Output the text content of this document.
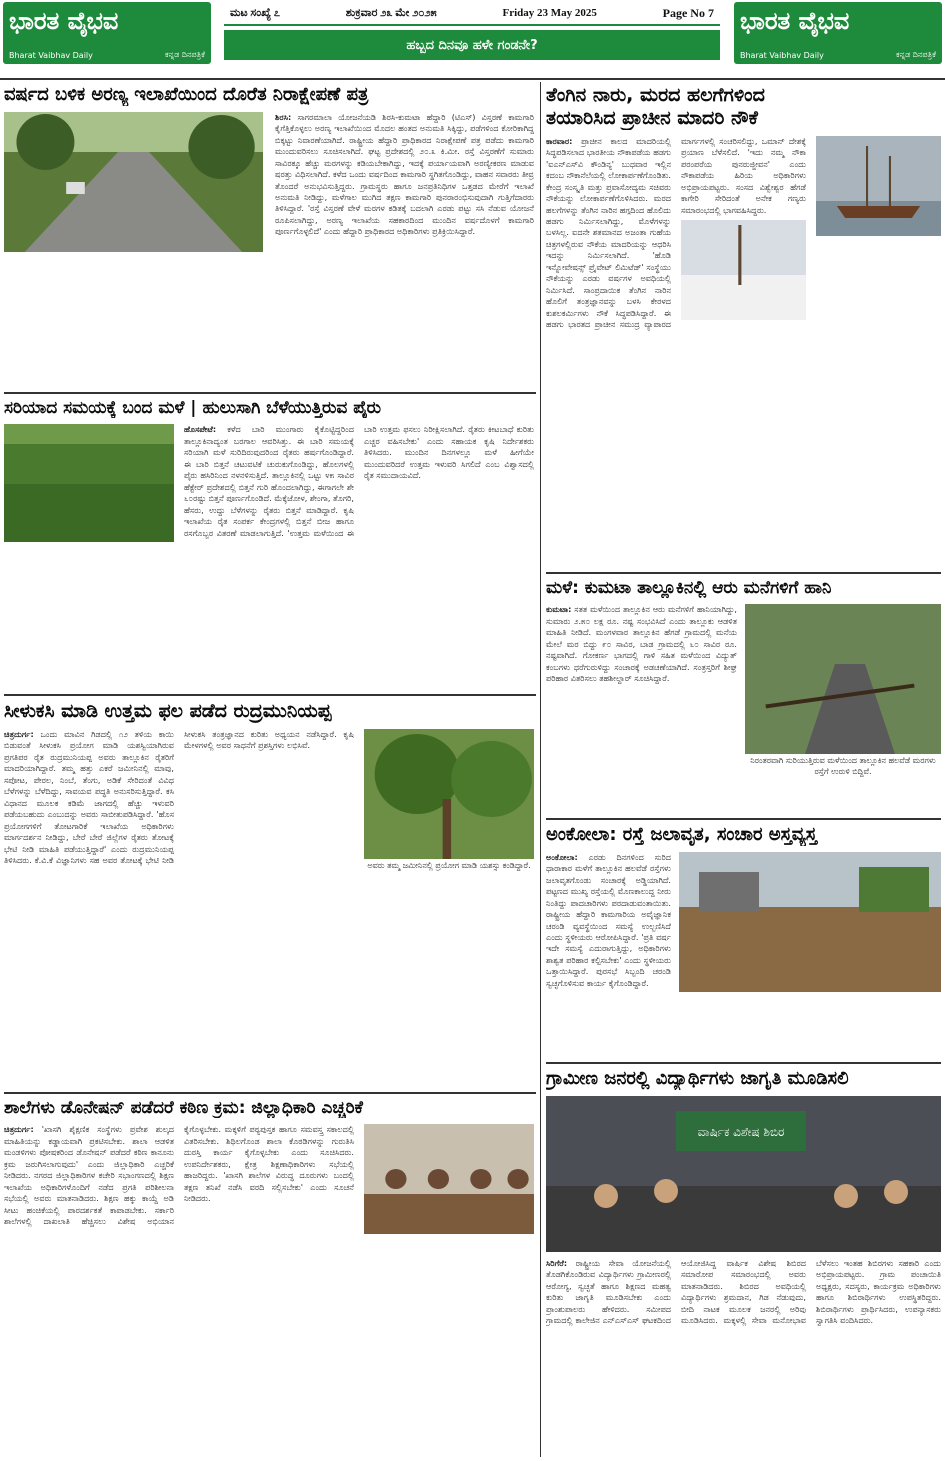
ಭಾರತ ವೈಭವ
Bharat Vaibhav Daily	ಕನ್ನಡ ದಿನಪತ್ರಿಕೆ
ಮಟ ಸಂಖ್ಯೆ ೭	ಶುಕ್ರವಾರ ೨೩ ಮೇ ೨೦೨೫	Friday 23 May 2025	Page No 7
ಹಬ್ಬದ ದಿನವೂ ಹಳೇ ಗಂಡನೇ?
ಭಾರತ ವೈಭವ
Bharat Vaibhav Daily	ಕನ್ನಡ ದಿನಪತ್ರಿಕೆ
ವರ್ಷದ ಬಳಿಕ ಅರಣ್ಯ ಇಲಾಖೆಯಿಂದ ದೊರೆತ ನಿರಾಕ್ಷೇಪಣೆ ಪತ್ರ
ಶಿರಸಿ: ಸಾಗರಮಾಲಾ ಯೋಜನೆಯಡಿ ಶಿರಸಿ-ಕುಮಟಾ ಹೆದ್ದಾರಿ (ಟಿಎಸ್) ವಿಸ್ತರಣೆ ಕಾಮಗಾರಿ ಕೈಗೆತ್ತಿಕೊಳ್ಳಲು ಅರಣ್ಯ ಇಲಾಖೆಯಿಂದ ಮೊದಲ ಹಂತದ ಅನುಮತಿ ಸಿಕ್ಕಿದ್ದು, ಪಡೆಗಳಿಂದ ಕೋರಿಕಾಗಿದ್ದ ಬಿಕ್ಕಟ್ಟು ನಿವಾರಣೆಯಾಗಿದೆ. ರಾಷ್ಟ್ರೀಯ ಹೆದ್ದಾರಿ ಪ್ರಾಧಿಕಾರದ ನಿರಾಕ್ಷೇಪಣೆ ಪತ್ರ ಪಡೆದು ಕಾಮಗಾರಿ ಮುಂದುವರಿಸಲು ಸೂಚಿಸಲಾಗಿದೆ. ಘಟ್ಟ ಪ್ರದೇಶದಲ್ಲಿ ೨೦.೩ ಕಿ.ಮೀ. ರಸ್ತೆ ವಿಸ್ತರಣೆಗೆ ಸುಮಾರು ಸಾವಿರಕ್ಕೂ ಹೆಚ್ಚು ಮರಗಳನ್ನು ಕಡಿಯಬೇಕಾಗಿದ್ದು, ಇದಕ್ಕೆ ಪರ್ಯಾಯವಾಗಿ ಅರಣ್ಯೀಕರಣ ಮಾಡುವ ಷರತ್ತು ವಿಧಿಸಲಾಗಿದೆ. ಕಳೆದ ಒಂದು ವರ್ಷದಿಂದ ಕಾಮಗಾರಿ ಸ್ಥಗಿತಗೊಂಡಿದ್ದು, ವಾಹನ ಸವಾರರು ತೀವ್ರ ತೊಂದರೆ ಅನುಭವಿಸುತ್ತಿದ್ದರು. ಗ್ರಾಮಸ್ಥರು ಹಾಗೂ ಜನಪ್ರತಿನಿಧಿಗಳ ಒತ್ತಡದ ಮೇರೆಗೆ ಇಲಾಖೆ ಅನುಮತಿ ನೀಡಿದ್ದು, ಮಳೆಗಾಲ ಮುಗಿದ ತಕ್ಷಣ ಕಾಮಗಾರಿ ಪುನರಾರಂಭಿಸುವುದಾಗಿ ಗುತ್ತಿಗೆದಾರರು ತಿಳಿಸಿದ್ದಾರೆ. 'ರಸ್ತೆ ವಿಸ್ತರಣೆ ವೇಳೆ ಮರಗಳ ಕಡಿತಕ್ಕೆ ಬದಲಾಗಿ ಎರಡು ಪಟ್ಟು ಸಸಿ ನೆಡುವ ಯೋಜನೆ ರೂಪಿಸಲಾಗಿದ್ದು, ಅರಣ್ಯ ಇಲಾಖೆಯ ಸಹಕಾರದಿಂದ ಮುಂದಿನ ವರ್ಷದೊಳಗೆ ಕಾಮಗಾರಿ ಪೂರ್ಣಗೊಳ್ಳಲಿದೆ' ಎಂದು ಹೆದ್ದಾರಿ ಪ್ರಾಧಿಕಾರದ ಅಧಿಕಾರಿಗಳು ಪ್ರತಿಕ್ರಿಯಿಸಿದ್ದಾರೆ.
ಸರಿಯಾದ ಸಮಯಕ್ಕೆ ಬಂದ ಮಳೆ | ಹುಲುಸಾಗಿ ಬೆಳೆಯುತ್ತಿರುವ ಪೈರು
ಹೊಸಪೇಟೆ: ಕಳೆದ ಬಾರಿ ಮುಂಗಾರು ಕೈಕೊಟ್ಟಿದ್ದರಿಂದ ತಾಲ್ಲೂಕಿನಾದ್ಯಂತ ಬರಗಾಲ ಆವರಿಸಿತ್ತು. ಈ ಬಾರಿ ಸಮಯಕ್ಕೆ ಸರಿಯಾಗಿ ಮಳೆ ಸುರಿದಿರುವುದರಿಂದ ರೈತರು ಹರ್ಷಗೊಂಡಿದ್ದಾರೆ. ಈ ಬಾರಿ ಬಿತ್ತನೆ ಚಟುವಟಿಕೆ ಚುರುಕುಗೊಂಡಿದ್ದು, ಹೊಲಗಳಲ್ಲಿ ಪೈರು ಹಸಿರಿನಿಂದ ನಳನಳಿಸುತ್ತಿದೆ. ತಾಲ್ಲೂಕಿನಲ್ಲಿ ಒಟ್ಟು ೪೫ ಸಾವಿರ ಹೆಕ್ಟೇರ್ ಪ್ರದೇಶದಲ್ಲಿ ಬಿತ್ತನೆ ಗುರಿ ಹೊಂದಲಾಗಿದ್ದು, ಈಗಾಗಲೇ ಶೇ ೬೦ರಷ್ಟು ಬಿತ್ತನೆ ಪೂರ್ಣಗೊಂಡಿದೆ. ಮೆಕ್ಕೆಜೋಳ, ಶೇಂಗಾ, ತೊಗರಿ, ಹೆಸರು, ಉದ್ದು ಬೆಳೆಗಳನ್ನು ರೈತರು ಬಿತ್ತನೆ ಮಾಡಿದ್ದಾರೆ. ಕೃಷಿ ಇಲಾಖೆಯ ರೈತ ಸಂಪರ್ಕ ಕೇಂದ್ರಗಳಲ್ಲಿ ಬಿತ್ತನೆ ಬೀಜ ಹಾಗೂ ರಸಗೊಬ್ಬರ ವಿತರಣೆ ಮಾಡಲಾಗುತ್ತಿದೆ. 'ಉತ್ತಮ ಮಳೆಯಿಂದ ಈ ಬಾರಿ ಉತ್ತಮ ಫಸಲು ನಿರೀಕ್ಷಿಸಲಾಗಿದೆ. ರೈತರು ಕೀಟಬಾಧೆ ಕುರಿತು ಎಚ್ಚರ ವಹಿಸಬೇಕು' ಎಂದು ಸಹಾಯಕ ಕೃಷಿ ನಿರ್ದೇಶಕರು ತಿಳಿಸಿದರು. ಮುಂದಿನ ದಿನಗಳಲ್ಲೂ ಮಳೆ ಹೀಗೆಯೇ ಮುಂದುವರಿದರೆ ಉತ್ತಮ ಇಳುವರಿ ಸಿಗಲಿದೆ ಎಂಬ ವಿಶ್ವಾಸದಲ್ಲಿ ರೈತ ಸಮುದಾಯವಿದೆ.
ಸೀಳುಕಸಿ ಮಾಡಿ ಉತ್ತಮ ಫಲ ಪಡೆದ ರುದ್ರಮುನಿಯಪ್ಪ
ಚಿತ್ರದುರ್ಗ: ಒಂದು ಮಾವಿನ ಗಿಡದಲ್ಲಿ ೧೨ ತಳಿಯ ಕಾಯಿ ಬಿಡುವಂತೆ ಸೀಳುಕಸಿ ಪ್ರಯೋಗ ಮಾಡಿ ಯಶಸ್ವಿಯಾಗಿರುವ ಪ್ರಗತಿಪರ ರೈತ ರುದ್ರಮುನಿಯಪ್ಪ ಅವರು ತಾಲ್ಲೂಕಿನ ರೈತರಿಗೆ ಮಾದರಿಯಾಗಿದ್ದಾರೆ. ತಮ್ಮ ಹತ್ತು ಎಕರೆ ಜಮೀನಿನಲ್ಲಿ ಮಾವು, ಸಪೋಟ, ಪೇರಲ, ನಿಂಬೆ, ತೆಂಗು, ಅಡಿಕೆ ಸೇರಿದಂತೆ ವಿವಿಧ ಬೆಳೆಗಳನ್ನು ಬೆಳೆದಿದ್ದು, ಸಾವಯವ ಪದ್ಧತಿ ಅನುಸರಿಸುತ್ತಿದ್ದಾರೆ. ಕಸಿ ವಿಧಾನದ ಮೂಲಕ ಕಡಿಮೆ ಜಾಗದಲ್ಲಿ ಹೆಚ್ಚು ಇಳುವರಿ ಪಡೆಯಬಹುದು ಎಂಬುದನ್ನು ಅವರು ಸಾಬೀತುಪಡಿಸಿದ್ದಾರೆ. 'ಹೊಸ ಪ್ರಯೋಗಗಳಿಗೆ ತೋಟಗಾರಿಕೆ ಇಲಾಖೆಯ ಅಧಿಕಾರಿಗಳು ಮಾರ್ಗದರ್ಶನ ನೀಡಿದ್ದು, ಬೇರೆ ಬೇರೆ ಜಿಲ್ಲೆಗಳ ರೈತರು ತೋಟಕ್ಕೆ ಭೇಟಿ ನೀಡಿ ಮಾಹಿತಿ ಪಡೆಯುತ್ತಿದ್ದಾರೆ' ಎಂದು ರುದ್ರಮುನಿಯಪ್ಪ ತಿಳಿಸಿದರು. ಕೆ.ವಿ.ಕೆ ವಿಜ್ಞಾನಿಗಳು ಸಹ ಅವರ ತೋಟಕ್ಕೆ ಭೇಟಿ ನೀಡಿ ಸೀಳುಕಸಿ ತಂತ್ರಜ್ಞಾನದ ಕುರಿತು ಅಧ್ಯಯನ ನಡೆಸಿದ್ದಾರೆ. ಕೃಷಿ ಮೇಳಗಳಲ್ಲಿ ಅವರ ಸಾಧನೆಗೆ ಪ್ರಶಸ್ತಿಗಳು ಲಭಿಸಿವೆ.
ಅವರು ತಮ್ಮ ಜಮೀನಿನಲ್ಲಿ ಪ್ರಯೋಗ ಮಾಡಿ ಯಶಸ್ಸು ಕಂಡಿದ್ದಾರೆ.
ಶಾಲೆಗಳು ಡೊನೇಷನ್ ಪಡೆದರೆ ಕಠಿಣ ಕ್ರಮ: ಜಿಲ್ಲಾಧಿಕಾರಿ ಎಚ್ಚರಿಕೆ
ಚಿತ್ರದುರ್ಗ: 'ಖಾಸಗಿ ಶೈಕ್ಷಣಿಕ ಸಂಸ್ಥೆಗಳು ಪ್ರವೇಶ ಶುಲ್ಕದ ಮಾಹಿತಿಯನ್ನು ಕಡ್ಡಾಯವಾಗಿ ಪ್ರಕಟಿಸಬೇಕು. ಶಾಲಾ ಆಡಳಿತ ಮಂಡಳಿಗಳು ಪೋಷಕರಿಂದ ಡೊನೇಷನ್ ಪಡೆದರೆ ಕಠಿಣ ಕಾನೂನು ಕ್ರಮ ಜರುಗಿಸಲಾಗುವುದು' ಎಂದು ಜಿಲ್ಲಾಧಿಕಾರಿ ಎಚ್ಚರಿಕೆ ನೀಡಿದರು. ನಗರದ ಜಿಲ್ಲಾಧಿಕಾರಿಗಳ ಕಚೇರಿ ಸಭಾಂಗಣದಲ್ಲಿ ಶಿಕ್ಷಣ ಇಲಾಖೆಯ ಅಧಿಕಾರಿಗಳೊಂದಿಗೆ ನಡೆದ ಪ್ರಗತಿ ಪರಿಶೀಲನಾ ಸಭೆಯಲ್ಲಿ ಅವರು ಮಾತನಾಡಿದರು. ಶಿಕ್ಷಣ ಹಕ್ಕು ಕಾಯ್ದೆ ಅಡಿ ಸೀಟು ಹಂಚಿಕೆಯಲ್ಲಿ ಪಾರದರ್ಶಕತೆ ಕಾಪಾಡಬೇಕು. ಸರ್ಕಾರಿ ಶಾಲೆಗಳಲ್ಲಿ ದಾಖಲಾತಿ ಹೆಚ್ಚಿಸಲು ವಿಶೇಷ ಅಭಿಯಾನ ಕೈಗೊಳ್ಳಬೇಕು. ಮಕ್ಕಳಿಗೆ ಪಠ್ಯಪುಸ್ತಕ ಹಾಗೂ ಸಮವಸ್ತ್ರ ಸಕಾಲದಲ್ಲಿ ವಿತರಿಸಬೇಕು. ಶಿಥಿಲಗೊಂಡ ಶಾಲಾ ಕೊಠಡಿಗಳನ್ನು ಗುರುತಿಸಿ ದುರಸ್ತಿ ಕಾರ್ಯ ಕೈಗೊಳ್ಳಬೇಕು ಎಂದು ಸೂಚಿಸಿದರು. ಉಪನಿರ್ದೇಶಕರು, ಕ್ಷೇತ್ರ ಶಿಕ್ಷಣಾಧಿಕಾರಿಗಳು ಸಭೆಯಲ್ಲಿ ಹಾಜರಿದ್ದರು. 'ಖಾಸಗಿ ಶಾಲೆಗಳ ವಿರುದ್ಧ ದೂರುಗಳು ಬಂದಲ್ಲಿ ತಕ್ಷಣ ತನಿಖೆ ನಡೆಸಿ ವರದಿ ಸಲ್ಲಿಸಬೇಕು' ಎಂದು ಸೂಚನೆ ನೀಡಿದರು.
ತೆಂಗಿನ ನಾರು, ಮರದ ಹಲಗೆಗಳಿಂದ
ತಯಾರಿಸಿದ ಪ್ರಾಚೀನ ಮಾದರಿ ನೌಕೆ
ಕಾರವಾರ: ಪ್ರಾಚೀನ ಕಾಲದ ಮಾದರಿಯಲ್ಲಿ ಸಿದ್ಧಪಡಿಸಲಾದ ಭಾರತೀಯ ನೌಕಾಪಡೆಯ ಹಡಗು 'ಐಎನ್‌ಎಸ್‌ವಿ ಕೌಂಡಿನ್ಯ' ಬುಧವಾರ ಇಲ್ಲಿನ ಕದಂಬ ನೌಕಾನೆಲೆಯಲ್ಲಿ ಲೋಕಾರ್ಪಣೆಗೊಂಡಿತು. ಕೇಂದ್ರ ಸಂಸ್ಕೃತಿ ಮತ್ತು ಪ್ರವಾಸೋದ್ಯಮ ಸಚಿವರು ನೌಕೆಯನ್ನು ಲೋಕಾರ್ಪಣೆಗೊಳಿಸಿದರು. ಮರದ ಹಲಗೆಗಳನ್ನು ತೆಂಗಿನ ನಾರಿನ ಹಗ್ಗದಿಂದ ಹೊಲಿದು ಹಡಗು ನಿರ್ಮಿಸಲಾಗಿದ್ದು, ಮೊಳೆಗಳನ್ನು ಬಳಸಿಲ್ಲ. ಐದನೇ ಶತಮಾನದ ಅಜಂತಾ ಗುಹೆಯ ಚಿತ್ರಗಳಲ್ಲಿರುವ ನೌಕೆಯ ಮಾದರಿಯನ್ನು ಆಧರಿಸಿ ಇದನ್ನು ನಿರ್ಮಿಸಲಾಗಿದೆ. 'ಹೊಡಿ ಇನ್ನೋವೇಷನ್ಸ್ ಪ್ರೈವೇಟ್ ಲಿಮಿಟೆಡ್' ಸಂಸ್ಥೆಯು ನೌಕೆಯನ್ನು ಎರಡು ವರ್ಷಗಳ ಅವಧಿಯಲ್ಲಿ ನಿರ್ಮಿಸಿದೆ. ಸಾಂಪ್ರದಾಯಿಕ ತೆಂಗಿನ ನಾರಿನ ಹೊಲಿಗೆ ತಂತ್ರಜ್ಞಾನವನ್ನು ಬಳಸಿ ಕೇರಳದ ಕುಶಲಕರ್ಮಿಗಳು ನೌಕೆ ಸಿದ್ಧಪಡಿಸಿದ್ದಾರೆ. ಈ ಹಡಗು ಭಾರತದ ಪ್ರಾಚೀನ ಸಮುದ್ರ ವ್ಯಾಪಾರದ ಮಾರ್ಗಗಳಲ್ಲಿ ಸಂಚರಿಸಲಿದ್ದು, ಒಮಾನ್ ದೇಶಕ್ಕೆ ಪ್ರಯಾಣ ಬೆಳೆಸಲಿದೆ. 'ಇದು ನಮ್ಮ ನೌಕಾ ಪರಂಪರೆಯ ಪುನರುಜ್ಜೀವನ' ಎಂದು ನೌಕಾಪಡೆಯ ಹಿರಿಯ ಅಧಿಕಾರಿಗಳು ಅಭಿಪ್ರಾಯಪಟ್ಟರು. ಸಂಸದ ವಿಶ್ವೇಶ್ವರ ಹೆಗಡೆ ಕಾಗೇರಿ ಸೇರಿದಂತೆ ಅನೇಕ ಗಣ್ಯರು ಸಮಾರಂಭದಲ್ಲಿ ಭಾಗವಹಿಸಿದ್ದರು.
ಮಳೆ: ಕುಮಟಾ ತಾಲ್ಲೂಕಿನಲ್ಲಿ ಆರು ಮನೆಗಳಿಗೆ ಹಾನಿ
ನಿರಂತರವಾಗಿ ಸುರಿಯುತ್ತಿರುವ ಮಳೆಯಿಂದ ತಾಲ್ಲೂಕಿನ ಹಲವೆಡೆ ಮರಗಳು ರಸ್ತೆಗೆ ಉರುಳಿ ಬಿದ್ದಿವೆ.
ಕುಮಟಾ: ಸತತ ಮಳೆಯಿಂದ ತಾಲ್ಲೂಕಿನ ಆರು ಮನೆಗಳಿಗೆ ಹಾನಿಯಾಗಿದ್ದು, ಸುಮಾರು ೨.೫೦ ಲಕ್ಷ ರೂ. ನಷ್ಟ ಸಂಭವಿಸಿದೆ ಎಂದು ತಾಲ್ಲೂಕು ಆಡಳಿತ ಮಾಹಿತಿ ನೀಡಿದೆ. ಮಂಗಳವಾರ ತಾಲ್ಲೂಕಿನ ಹೆಗಡೆ ಗ್ರಾಮದಲ್ಲಿ ಮನೆಯ ಮೇಲೆ ಮರ ಬಿದ್ದು ೯೦ ಸಾವಿರ, ಬಾಡ ಗ್ರಾಮದಲ್ಲಿ ೬೦ ಸಾವಿರ ರೂ. ನಷ್ಟವಾಗಿದೆ. ಗೋಕರ್ಣ ಭಾಗದಲ್ಲಿ ಗಾಳಿ ಸಹಿತ ಮಳೆಯಿಂದ ವಿದ್ಯುತ್ ಕಂಬಗಳು ಧರೆಗುರುಳಿದ್ದು ಸಂಚಾರಕ್ಕೆ ಅಡಚಣೆಯಾಗಿದೆ. ಸಂತ್ರಸ್ತರಿಗೆ ಶೀಘ್ರ ಪರಿಹಾರ ವಿತರಿಸಲು ತಹಶೀಲ್ದಾರ್ ಸೂಚಿಸಿದ್ದಾರೆ.
ಅಂಕೋಲಾ: ರಸ್ತೆ ಜಲಾವೃತ, ಸಂಚಾರ ಅಸ್ತವ್ಯಸ್ತ
ಅಂಕೋಲಾ: ಎರಡು ದಿನಗಳಿಂದ ಸುರಿದ ಧಾರಾಕಾರ ಮಳೆಗೆ ತಾಲ್ಲೂಕಿನ ಹಲವೆಡೆ ರಸ್ತೆಗಳು ಜಲಾವೃತಗೊಂಡು ಸಂಚಾರಕ್ಕೆ ಅಡ್ಡಿಯಾಗಿದೆ. ಪಟ್ಟಣದ ಮುಖ್ಯ ರಸ್ತೆಯಲ್ಲಿ ಮೊಣಕಾಲುದ್ದ ನೀರು ನಿಂತಿದ್ದು ಪಾದಚಾರಿಗಳು ಪರದಾಡುವಂತಾಯಿತು. ರಾಷ್ಟ್ರೀಯ ಹೆದ್ದಾರಿ ಕಾಮಗಾರಿಯ ಅವೈಜ್ಞಾನಿಕ ಚರಂಡಿ ವ್ಯವಸ್ಥೆಯಿಂದ ಸಮಸ್ಯೆ ಉಲ್ಬಣಿಸಿದೆ ಎಂದು ಸ್ಥಳೀಯರು ಆರೋಪಿಸಿದ್ದಾರೆ. 'ಪ್ರತಿ ವರ್ಷ ಇದೇ ಸಮಸ್ಯೆ ಎದುರಾಗುತ್ತಿದ್ದು, ಅಧಿಕಾರಿಗಳು ಶಾಶ್ವತ ಪರಿಹಾರ ಕಲ್ಪಿಸಬೇಕು' ಎಂದು ಸ್ಥಳೀಯರು ಒತ್ತಾಯಿಸಿದ್ದಾರೆ. ಪುರಸಭೆ ಸಿಬ್ಬಂದಿ ಚರಂಡಿ ಸ್ವಚ್ಛಗೊಳಿಸುವ ಕಾರ್ಯ ಕೈಗೊಂಡಿದ್ದಾರೆ.
ಗ್ರಾಮೀಣ ಜನರಲ್ಲಿ ವಿದ್ಯಾರ್ಥಿಗಳು ಜಾಗೃತಿ ಮೂಡಿಸಲಿ
ವಾರ್ಷಿಕ ವಿಶೇಷ ಶಿಬಿರ
ಸಿರಿಗೆರೆ: ರಾಷ್ಟ್ರೀಯ ಸೇವಾ ಯೋಜನೆಯಲ್ಲಿ ತೊಡಗಿಕೊಂಡಿರುವ ವಿದ್ಯಾರ್ಥಿಗಳು ಗ್ರಾಮೀಣರಲ್ಲಿ ಆರೋಗ್ಯ, ಸ್ವಚ್ಛತೆ ಹಾಗೂ ಶಿಕ್ಷಣದ ಮಹತ್ವ ಕುರಿತು ಜಾಗೃತಿ ಮೂಡಿಸಬೇಕು ಎಂದು ಪ್ರಾಂಶುಪಾಲರು ಹೇಳಿದರು. ಸಮೀಪದ ಗ್ರಾಮದಲ್ಲಿ ಕಾಲೇಜಿನ ಎನ್‌ಎಸ್‌ಎಸ್ ಘಟಕದಿಂದ ಆಯೋಜಿಸಿದ್ದ ವಾರ್ಷಿಕ ವಿಶೇಷ ಶಿಬಿರದ ಸಮಾರೋಪ ಸಮಾರಂಭದಲ್ಲಿ ಅವರು ಮಾತನಾಡಿದರು. ಶಿಬಿರದ ಅವಧಿಯಲ್ಲಿ ವಿದ್ಯಾರ್ಥಿಗಳು ಶ್ರಮದಾನ, ಗಿಡ ನೆಡುವುದು, ಬೀದಿ ನಾಟಕ ಮೂಲಕ ಜನರಲ್ಲಿ ಅರಿವು ಮೂಡಿಸಿದರು. ಮಕ್ಕಳಲ್ಲಿ ಸೇವಾ ಮನೋಭಾವ ಬೆಳೆಸಲು ಇಂತಹ ಶಿಬಿರಗಳು ಸಹಕಾರಿ ಎಂದು ಅಭಿಪ್ರಾಯಪಟ್ಟರು. ಗ್ರಾಮ ಪಂಚಾಯಿತಿ ಅಧ್ಯಕ್ಷರು, ಸದಸ್ಯರು, ಕಾರ್ಯಕ್ರಮ ಅಧಿಕಾರಿಗಳು ಹಾಗೂ ಶಿಬಿರಾರ್ಥಿಗಳು ಉಪಸ್ಥಿತರಿದ್ದರು. ಶಿಬಿರಾರ್ಥಿಗಳು ಪ್ರಾರ್ಥಿಸಿದರು, ಉಪನ್ಯಾಸಕರು ಸ್ವಾಗತಿಸಿ ವಂದಿಸಿದರು.
